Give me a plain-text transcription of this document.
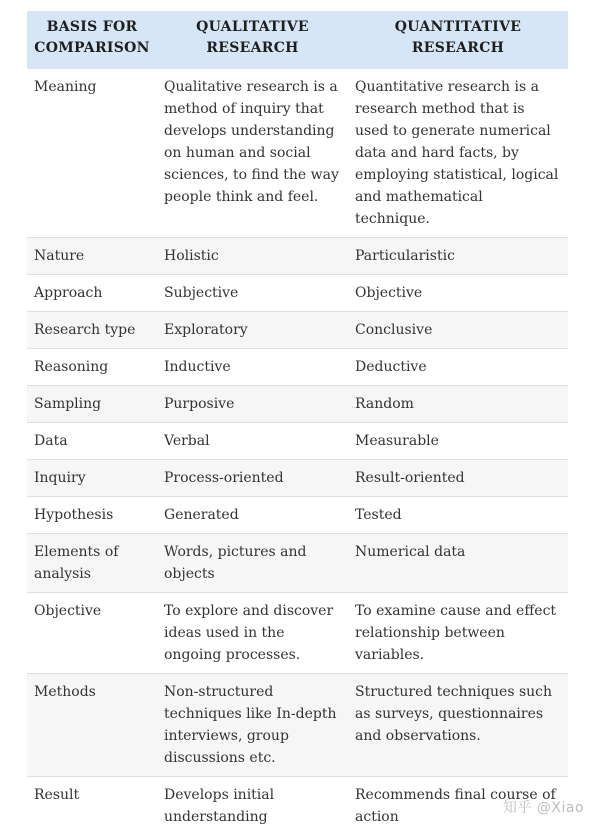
BASIS FOR COMPARISON	QUALITATIVE RESEARCH	QUANTITATIVE RESEARCH
Meaning	Qualitative research is a method of inquiry that develops understanding on human and social sciences, to find the way people think and feel.	Quantitative research is a research method that is used to generate numerical data and hard facts, by employing statistical, logical and mathematical technique.
Nature	Holistic	Particularistic
Approach	Subjective	Objective
Research type	Exploratory	Conclusive
Reasoning	Inductive	Deductive
Sampling	Purposive	Random
Data	Verbal	Measurable
Inquiry	Process-oriented	Result-oriented
Hypothesis	Generated	Tested
Elements of analysis	Words, pictures and objects	Numerical data
Objective	To explore and discover ideas used in the ongoing processes.	To examine cause and effect relationship between variables.
Methods	Non-structured techniques like In-depth interviews, group discussions etc.	Structured techniques such as surveys, questionnaires and observations.
Result	Develops initial understanding	Recommends final course of action
知乎 @Xiao
